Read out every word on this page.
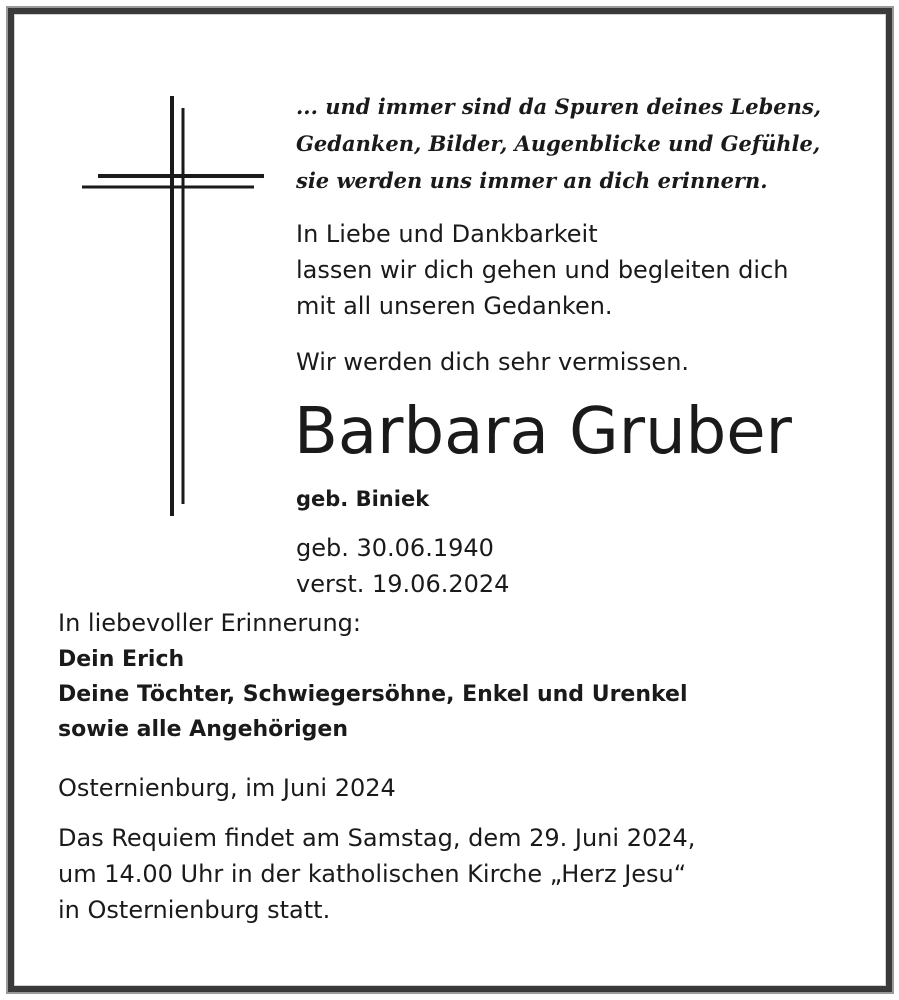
... und immer sind da Spuren deines Lebens,
Gedanken, Bilder, Augenblicke und Gefühle,
sie werden uns immer an dich erinnern.
In Liebe und Dankbarkeit
lassen wir dich gehen und begleiten dich
mit all unseren Gedanken.
Wir werden dich sehr vermissen.
Barbara Gruber
geb. Biniek
geb. 30.06.1940
verst. 19.06.2024
In liebevoller Erinnerung:
Dein Erich
Deine Töchter, Schwiegersöhne, Enkel und Urenkel
sowie alle Angehörigen
Osternienburg, im Juni 2024
Das Requiem findet am Samstag, dem 29. Juni 2024,
um 14.00 Uhr in der katholischen Kirche „Herz Jesu“
in Osternienburg statt.
